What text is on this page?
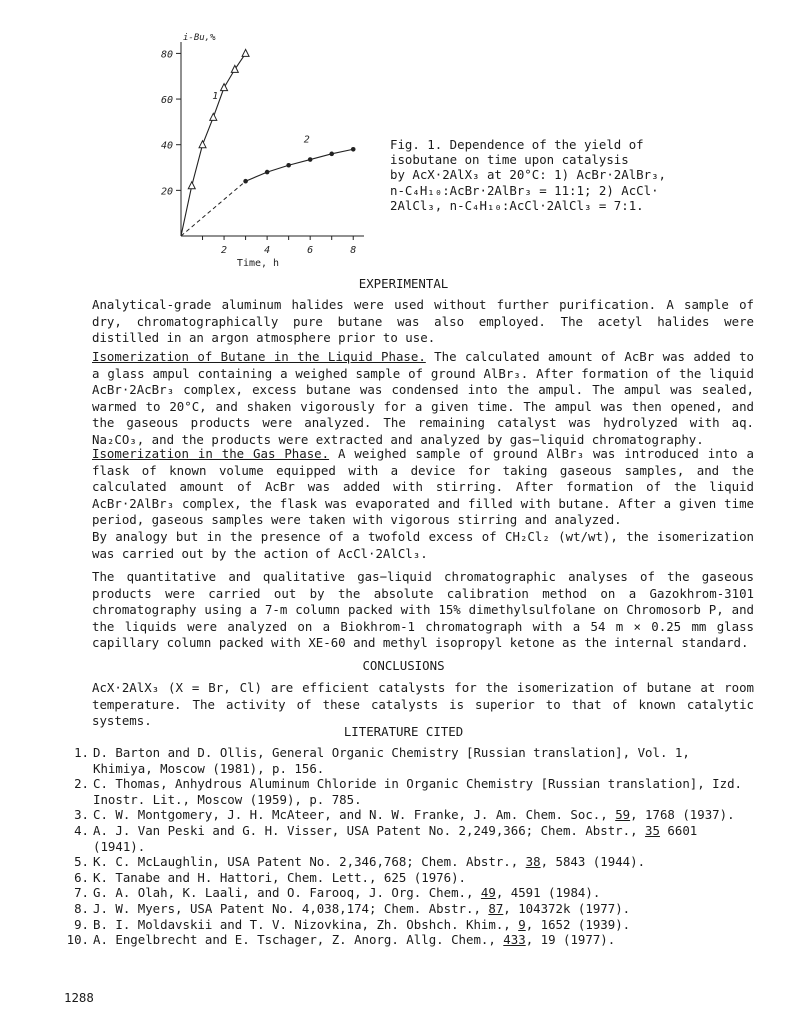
20
40
60
80
2	4	6	8
i-Bu,%
Time, h
1
2	Fig. 1. Dependence of the yield of
isobutane on time upon catalysis
by AcX·2AlX₃ at 20°C: 1) AcBr·2AlBr₃,
n-C₄H₁₀:AcBr·2AlBr₃ = 11:1; 2) AcCl·
2AlCl₃, n-C₄H₁₀:AcCl·2AlCl₃ = 7:1.
EXPERIMENTAL
Analytical-grade aluminum halides were used without further purification. A sample of dry, chromatographically pure butane was also employed. The acetyl halides were distilled in an argon atmosphere prior to use.
Isomerization of Butane in the Liquid Phase. The calculated amount of AcBr was added to a glass ampul containing a weighed sample of ground AlBr₃. After formation of the liquid AcBr·2AcBr₃ complex, excess butane was condensed into the ampul. The ampul was sealed, warmed to 20°C, and shaken vigorously for a given time. The ampul was then opened, and the gaseous products were analyzed. The remaining catalyst was hydrolyzed with aq. Na₂CO₃, and the products were extracted and analyzed by gas−liquid chromatography.
Isomerization in the Gas Phase. A weighed sample of ground AlBr₃ was introduced into a flask of known volume equipped with a device for taking gaseous samples, and the calculated amount of AcBr was added with stirring. After formation of the liquid AcBr·2AlBr₃ complex, the flask was evaporated and filled with butane. After a given time period, gaseous samples were taken with vigorous stirring and analyzed.
By analogy but in the presence of a twofold excess of CH₂Cl₂ (wt/wt), the isomerization was carried out by the action of AcCl·2AlCl₃.
The quantitative and qualitative gas−liquid chromatographic analyses of the gaseous products were carried out by the absolute calibration method on a Gazokhrom-3101 chromatography using a 7-m column packed with 15% dimethylsulfolane on Chromosorb P, and the liquids were analyzed on a Biokhrom-1 chromatograph with a 54 m × 0.25 mm glass capillary column packed with XE-60 and methyl isopropyl ketone as the internal standard.
CONCLUSIONS
AcX·2AlX₃ (X = Br, Cl) are efficient catalysts for the isomerization of butane at room temperature. The activity of these catalysts is superior to that of known catalytic systems.
LITERATURE CITED
1. D. Barton and D. Ollis, General Organic Chemistry [Russian translation], Vol. 1, Khimiya, Moscow (1981), p. 156.
2. C. Thomas, Anhydrous Aluminum Chloride in Organic Chemistry [Russian translation], Izd. Inostr. Lit., Moscow (1959), p. 785.
3. C. W. Montgomery, J. H. McAteer, and N. W. Franke, J. Am. Chem. Soc., 59, 1768 (1937).
4. A. J. Van Peski and G. H. Visser, USA Patent No. 2,249,366; Chem. Abstr., 35 6601 (1941).
5. K. C. McLaughlin, USA Patent No. 2,346,768; Chem. Abstr., 38, 5843 (1944).
6. K. Tanabe and H. Hattori, Chem. Lett., 625 (1976).
7. G. A. Olah, K. Laali, and O. Farooq, J. Org. Chem., 49, 4591 (1984).
8. J. W. Myers, USA Patent No. 4,038,174; Chem. Abstr., 87, 104372k (1977).
9. B. I. Moldavskii and T. V. Nizovkina, Zh. Obshch. Khim., 9, 1652 (1939).
10. A. Engelbrecht and E. Tschager, Z. Anorg. Allg. Chem., 433, 19 (1977).
1288
